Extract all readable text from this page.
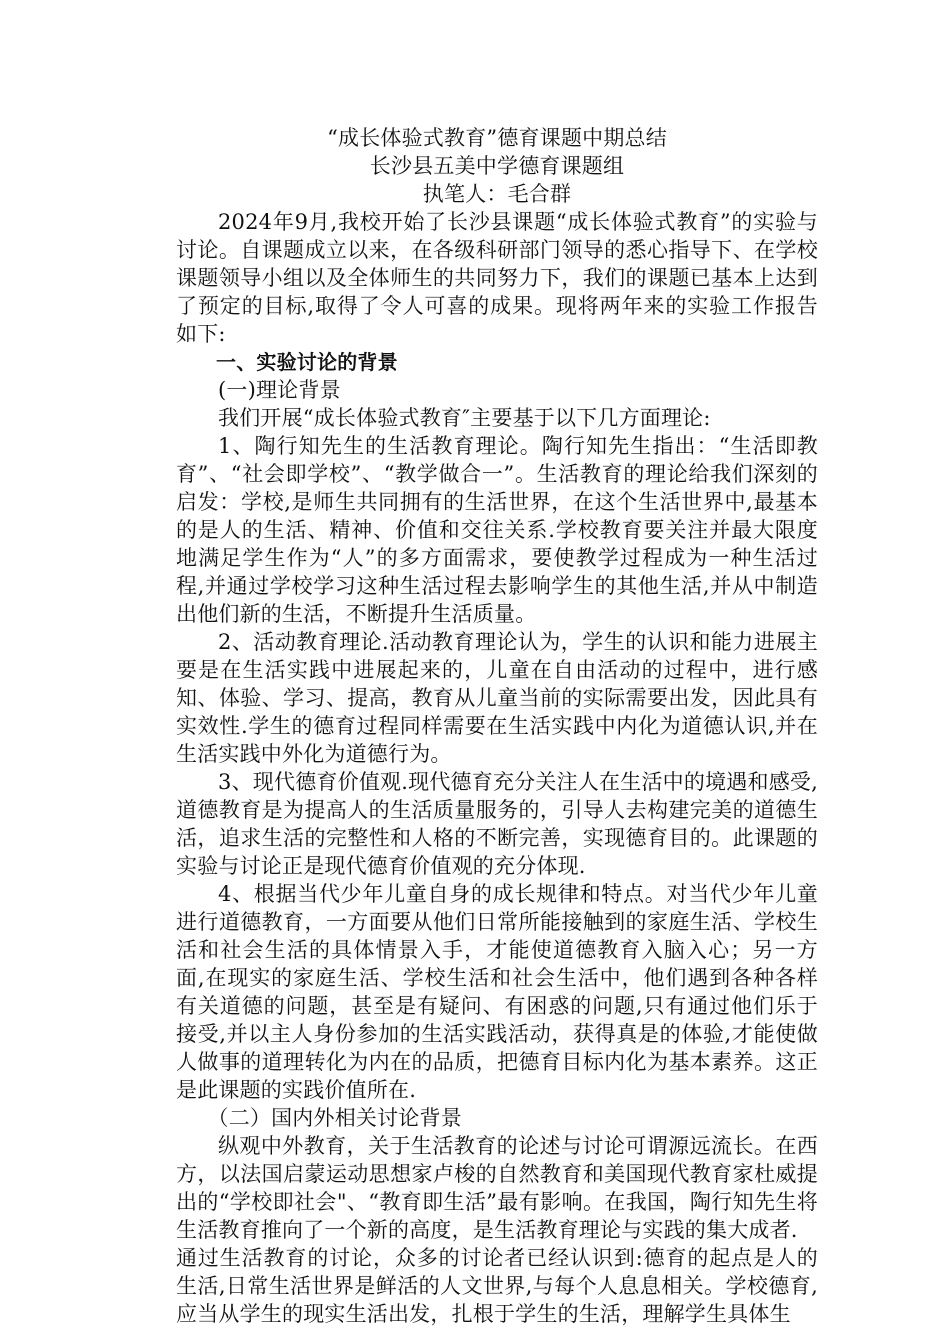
“成长体验式教育”德育课题中期总结

长沙县五美中学德育课题组

执笔人：毛合群

2024年9月,我校开始了长沙县课题“成长体验式教育”的实验与讨论。自课题成立以来，在各级科研部门领导的悉心指导下、在学校课题领导小组以及全体师生的共同努力下，我们的课题已基本上达到了预定的目标,取得了令人可喜的成果。现将两年来的实验工作报告如下:

一、实验讨论的背景

(一)理论背景

我们开展“成长体验式教育″主要基于以下几方面理论:

1、陶行知先生的生活教育理论。陶行知先生指出：“生活即教育”、“社会即学校”、“教学做合一”。生活教育的理论给我们深刻的启发：学校,是师生共同拥有的生活世界，在这个生活世界中,最基本的是人的生活、精神、价值和交往关系.学校教育要关注并最大限度地满足学生作为“人”的多方面需求，要使教学过程成为一种生活过程,并通过学校学习这种生活过程去影响学生的其他生活,并从中制造出他们新的生活，不断提升生活质量。

2、活动教育理论.活动教育理论认为，学生的认识和能力进展主要是在生活实践中进展起来的，儿童在自由活动的过程中，进行感知、体验、学习、提高，教育从儿童当前的实际需要出发，因此具有实效性.学生的德育过程同样需要在生活实践中内化为道德认识,并在生活实践中外化为道德行为。

3、现代德育价值观.现代德育充分关注人在生活中的境遇和感受,道德教育是为提高人的生活质量服务的，引导人去构建完美的道德生活，追求生活的完整性和人格的不断完善，实现德育目的。此课题的实验与讨论正是现代德育价值观的充分体现.

4、根据当代少年儿童自身的成长规律和特点。对当代少年儿童进行道德教育，一方面要从他们日常所能接触到的家庭生活、学校生活和社会生活的具体情景入手，才能使道德教育入脑入心；另一方面,在现实的家庭生活、学校生活和社会生活中，他们遇到各种各样有关道德的问题，甚至是有疑问、有困惑的问题,只有通过他们乐于接受,并以主人身份参加的生活实践活动，获得真是的体验,才能使做人做事的道理转化为内在的品质，把德育目标内化为基本素养。这正是此课题的实践价值所在.

（二）国内外相关讨论背景

纵观中外教育，关于生活教育的论述与讨论可谓源远流长。在西方，以法国启蒙运动思想家卢梭的自然教育和美国现代教育家杜威提出的“学校即社会"、“教育即生活”最有影响。在我国，陶行知先生将生活教育推向了一个新的高度，是生活教育理论与实践的集大成者.

通过生活教育的讨论，众多的讨论者已经认识到:德育的起点是人的生活,日常生活世界是鲜活的人文世界,与每个人息息相关。学校德育,应当从学生的现实生活出发，扎根于学生的生活，理解学生具体生
